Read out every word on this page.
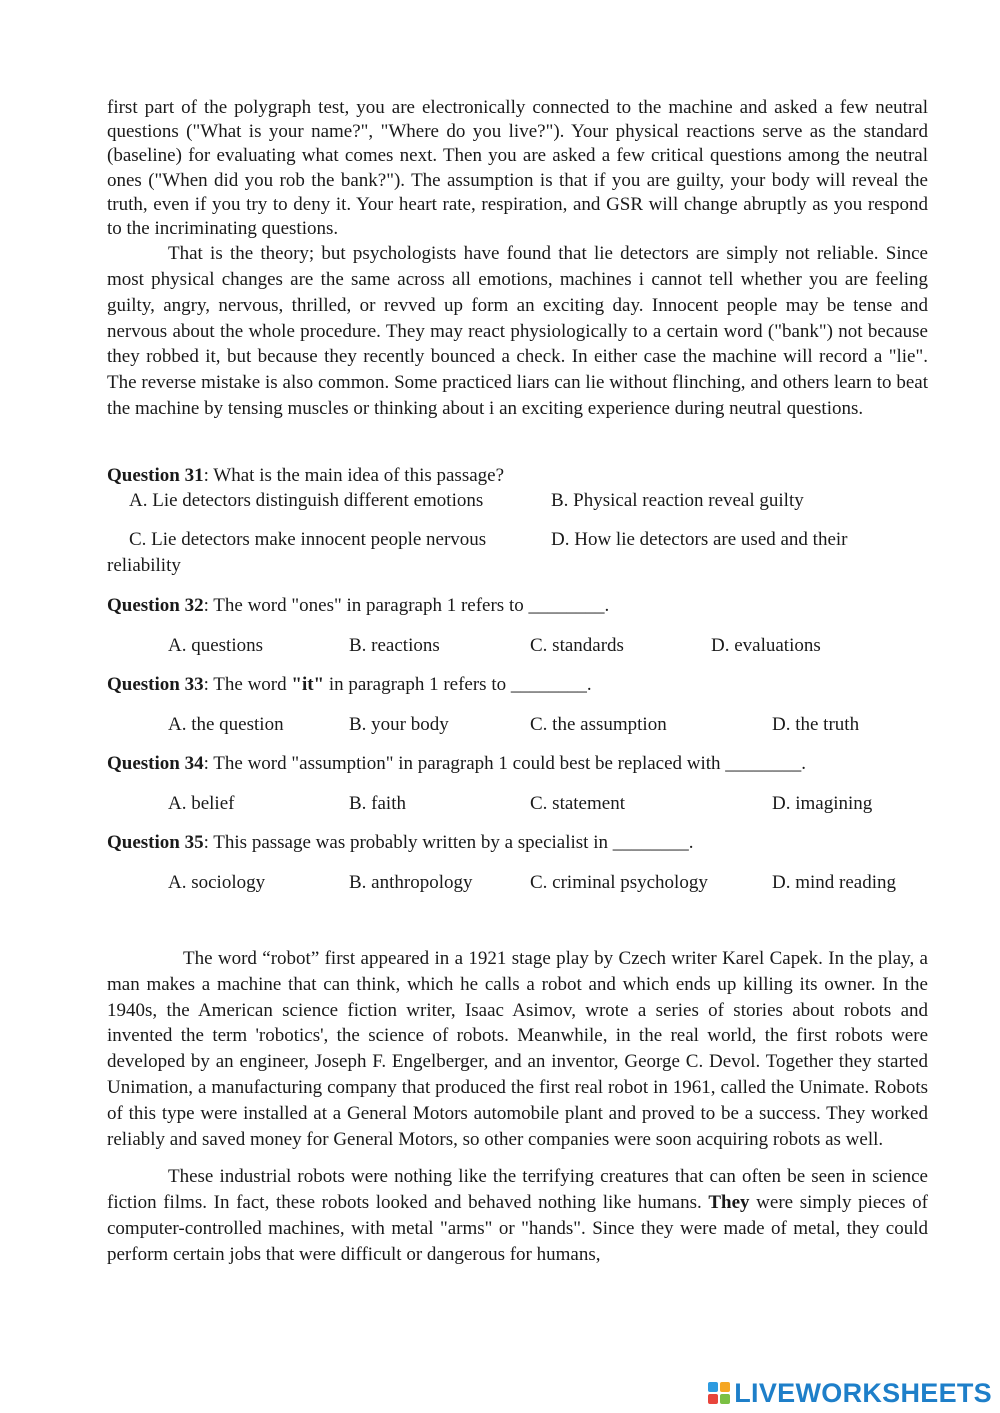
first part of the polygraph test, you are electronically connected to the machine and asked a few neutral questions ("What is your name?", "Where do you live?"). Your physical reactions serve as the standard (baseline) for evaluating what comes next. Then you are asked a few critical questions among the neutral ones ("When did you rob the bank?"). The assumption is that if you are guilty, your body will reveal the truth, even if you try to deny it. Your heart rate, respiration, and GSR will change abruptly as you respond to the incriminating questions.

That is the theory; but psychologists have found that lie detectors are simply not reliable. Since most physical changes are the same across all emotions, machines i cannot tell whether you are feeling guilty, angry, nervous, thrilled, or revved up form an exciting day. Innocent people may be tense and nervous about the whole procedure. They may react physiologically to a certain word ("bank") not because they robbed it, but because they recently bounced a check. In either case the machine will record a "lie". The reverse mistake is also common. Some practiced liars can lie without flinching, and others learn to beat the machine by tensing muscles or thinking about i an exciting experience during neutral questions.

Question 31: What is the main idea of this passage?
A. Lie detectors distinguish different emotions	B. Physical reaction reveal guilty
C. Lie detectors make innocent people nervous	D. How lie detectors are used and their
reliability
Question 32: The word "ones" in paragraph 1 refers to ________.
A. questions	B. reactions	C. standards	D. evaluations
Question 33: The word "it" in paragraph 1 refers to ________.
A. the question	B. your body	C. the assumption	D. the truth
Question 34: The word "assumption" in paragraph 1 could best be replaced with ________.
A. belief	B. faith	C. statement	D. imagining
Question 35: This passage was probably written by a specialist in ________.
A. sociology	B. anthropology	C. criminal psychology	D. mind reading

The word “robot” first appeared in a 1921 stage play by Czech writer Karel Capek. In the play, a man makes a machine that can think, which he calls a robot and which ends up killing its owner. In the 1940s, the American science fiction writer, Isaac Asimov, wrote a series of stories about robots and invented the term 'robotics', the science of robots. Meanwhile, in the real world, the first robots were developed by an engineer, Joseph F. Engelberger, and an inventor, George C. Devol. Together they started Unimation, a manufacturing company that produced the first real robot in 1961, called the Unimate. Robots of this type were installed at a General Motors automobile plant and proved to be a success. They worked reliably and saved money for General Motors, so other companies were soon acquiring robots as well.

These industrial robots were nothing like the terrifying creatures that can often be seen in science fiction films. In fact, these robots looked and behaved nothing like humans. They were simply pieces of computer-controlled machines, with metal "arms" or "hands". Since they were made of metal, they could perform certain jobs that were difficult or dangerous for humans,

LIVEWORKSHEETS
